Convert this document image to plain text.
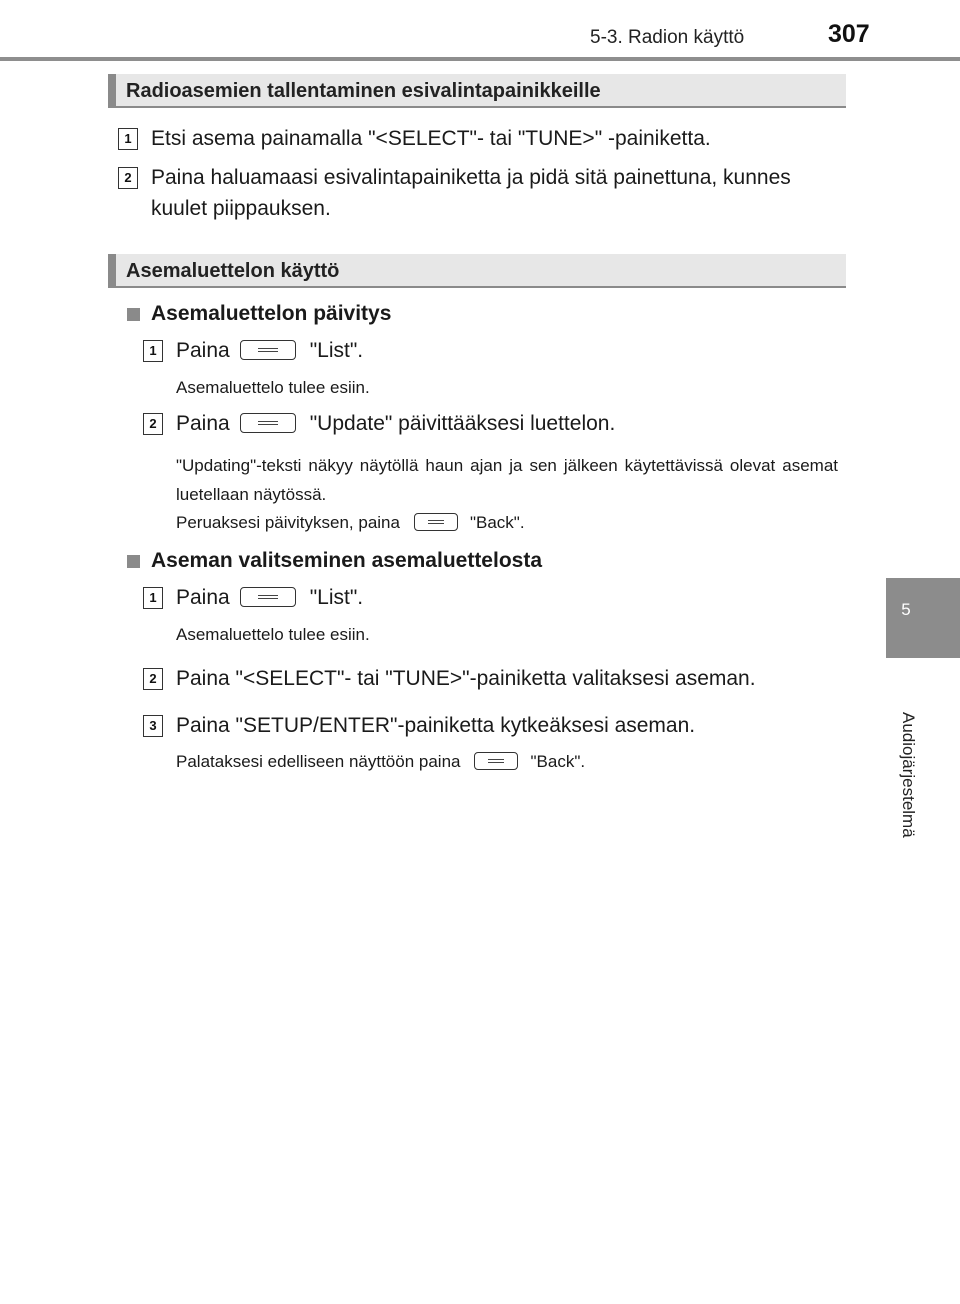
5-3. Radion käyttö	307
5
Audiojärjestelmä
Radioasemien tallentaminen esivalintapainikkeille
1 Etsi asema painamalla "<SELECT"- tai "TUNE>" -painiketta.
2 Paina haluamaasi esivalintapainiketta ja pidä sitä painettuna, kunnes
kuulet piippauksen.
Asemaluettelon käyttö
Asemaluettelon päivitys
1 Paina	"List".
Asemaluettelo tulee esiin.
2 Paina	"Update" päivittääksesi luettelon.
"Updating"-teksti näkyy näytöllä haun ajan ja sen jälkeen käytettävissä olevat asemat luetellaan näytössä.
Peruaksesi päivityksen, paina	"Back".
Aseman valitseminen asemaluettelosta
1 Paina	"List".
Asemaluettelo tulee esiin.
2 Paina "<SELECT"- tai "TUNE>"-painiketta valitaksesi aseman.
3 Paina "SETUP/ENTER"-painiketta kytkeäksesi aseman.
Palataksesi edelliseen näyttöön paina	"Back".
